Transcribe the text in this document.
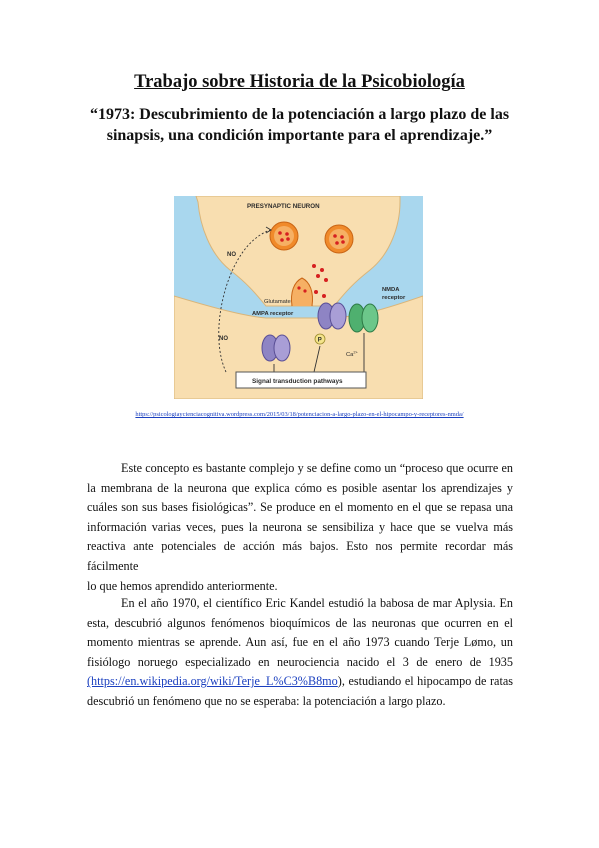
Trabajo sobre Historia de la Psicobiología
“1973: Descubrimiento de la potenciación a largo plazo de las
sinapsis, una condición importante para el aprendizaje.”
PRESYNAPTIC NEURON
Glutamate
AMPA receptor
NMDA
receptor
P
$Ca^{2+}$
NO
NO
Signal transduction pathways
https://psicologiaycienciacognitiva.wordpress.com/2015/03/18/potenciacion-a-largo-plazo-en-el-hipocampo-y-receptores-nmda/

Este concepto es bastante complejo y se define como un “proceso que ocurre en
la membrana de la neurona que explica cómo es posible asentar los aprendizajes y
cuáles son sus bases fisiológicas”. Se produce en el momento en el que se repasa una
información varias veces, pues la neurona se sensibiliza y hace que se vuelva más
reactiva ante potenciales de acción más bajos. Esto nos permite recordar más fácilmente
lo que hemos aprendido anteriormente.

En el año 1970, el científico Eric Kandel estudió la babosa de mar Aplysia. En
esta, descubrió algunos fenómenos bioquímicos de las neuronas que ocurren en el
momento mientras se aprende. Aun así, fue en el año 1973 cuando Terje Lømo, un
fisiólogo noruego especializado en neurociencia nacido el 3 de enero de 1935
(https://en.wikipedia.org/wiki/Terje_L%C3%B8mo), estudiando el hipocampo de ratas
descubrió un fenómeno que no se esperaba: la potenciación a largo plazo.
